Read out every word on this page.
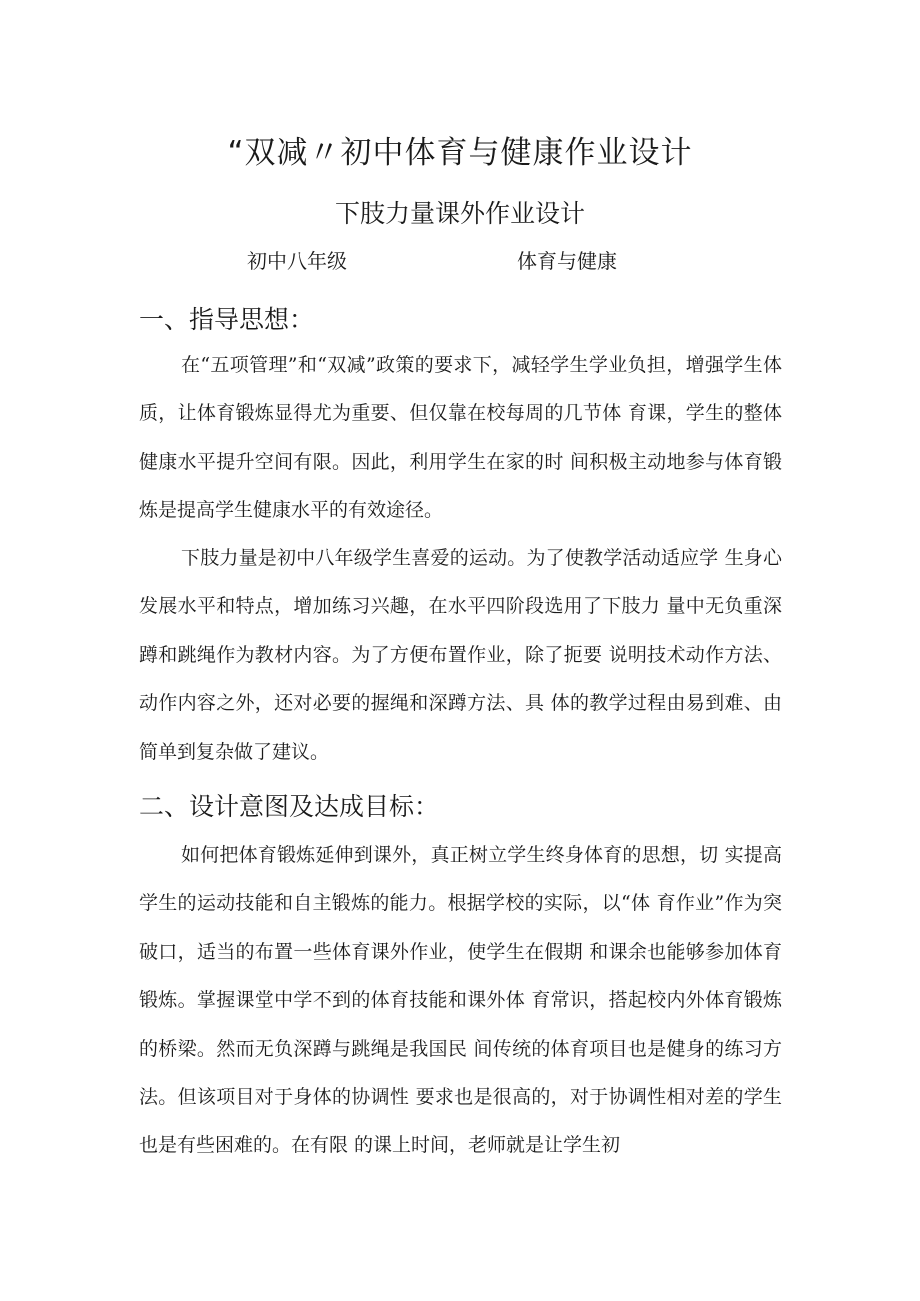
“双减〃初中体育与健康作业设计
下肢力量课外作业设计
初中八年级	体育与健康
一、指导思想：

在“五项管理”和“双减”政策的要求下，减轻学生学业负担，增强学生体质，让体育锻炼显得尤为重要、但仅靠在校每周的几节体 育课，学生的整体健康水平提升空间有限。因此，利用学生在家的时 间积极主动地参与体育锻炼是提高学生健康水平的有效途径。

下肢力量是初中八年级学生喜爱的运动。为了使教学活动适应学 生身心发展水平和特点，增加练习兴趣，在水平四阶段选用了下肢力 量中无负重深蹲和跳绳作为教材内容。为了方便布置作业，除了扼要 说明技术动作方法、动作内容之外，还对必要的握绳和深蹲方法、具 体的教学过程由易到难、由简单到复杂做了建议。

二、设计意图及达成目标：

如何把体育锻炼延伸到课外，真正树立学生终身体育的思想，切 实提高学生的运动技能和自主锻炼的能力。根据学校的实际，以“体 育作业”作为突破口，适当的布置一些体育课外作业，使学生在假期 和课余也能够参加体育锻炼。掌握课堂中学不到的体育技能和课外体 育常识，搭起校内外体育锻炼的桥梁。然而无负深蹲与跳绳是我国民 间传统的体育项目也是健身的练习方法。但该项目对于身体的协调性 要求也是很高的，对于协调性相对差的学生也是有些困难的。在有限 的课上时间，老师就是让学生初
